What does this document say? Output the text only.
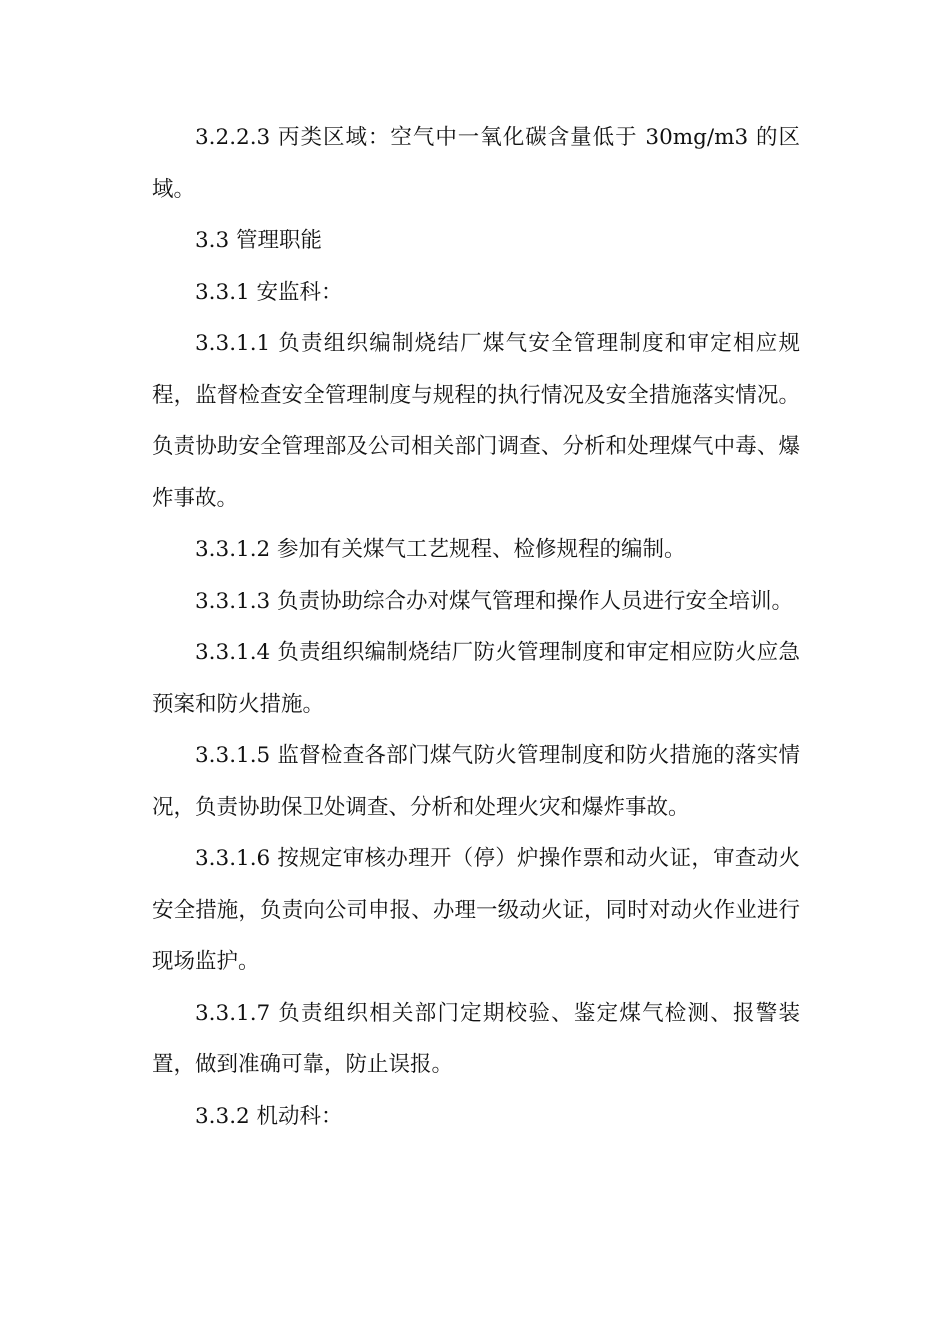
3.2.2.3 丙类区域：空气中一氧化碳含量低于 30mg/m3 的区域。

3.3 管理职能

3.3.1 安监科：

3.3.1.1 负责组织编制烧结厂煤气安全管理制度和审定相应规程，监督检查安全管理制度与规程的执行情况及安全措施落实情况。负责协助安全管理部及公司相关部门调查、分析和处理煤气中毒、爆炸事故。

3.3.1.2 参加有关煤气工艺规程、检修规程的编制。

3.3.1.3 负责协助综合办对煤气管理和操作人员进行安全培训。

3.3.1.4 负责组织编制烧结厂防火管理制度和审定相应防火应急预案和防火措施。

3.3.1.5 监督检查各部门煤气防火管理制度和防火措施的落实情况，负责协助保卫处调查、分析和处理火灾和爆炸事故。

3.3.1.6 按规定审核办理开（停）炉操作票和动火证，审查动火安全措施，负责向公司申报、办理一级动火证，同时对动火作业进行现场监护。

3.3.1.7 负责组织相关部门定期校验、鉴定煤气检测、报警装置，做到准确可靠，防止误报。

3.3.2 机动科：
